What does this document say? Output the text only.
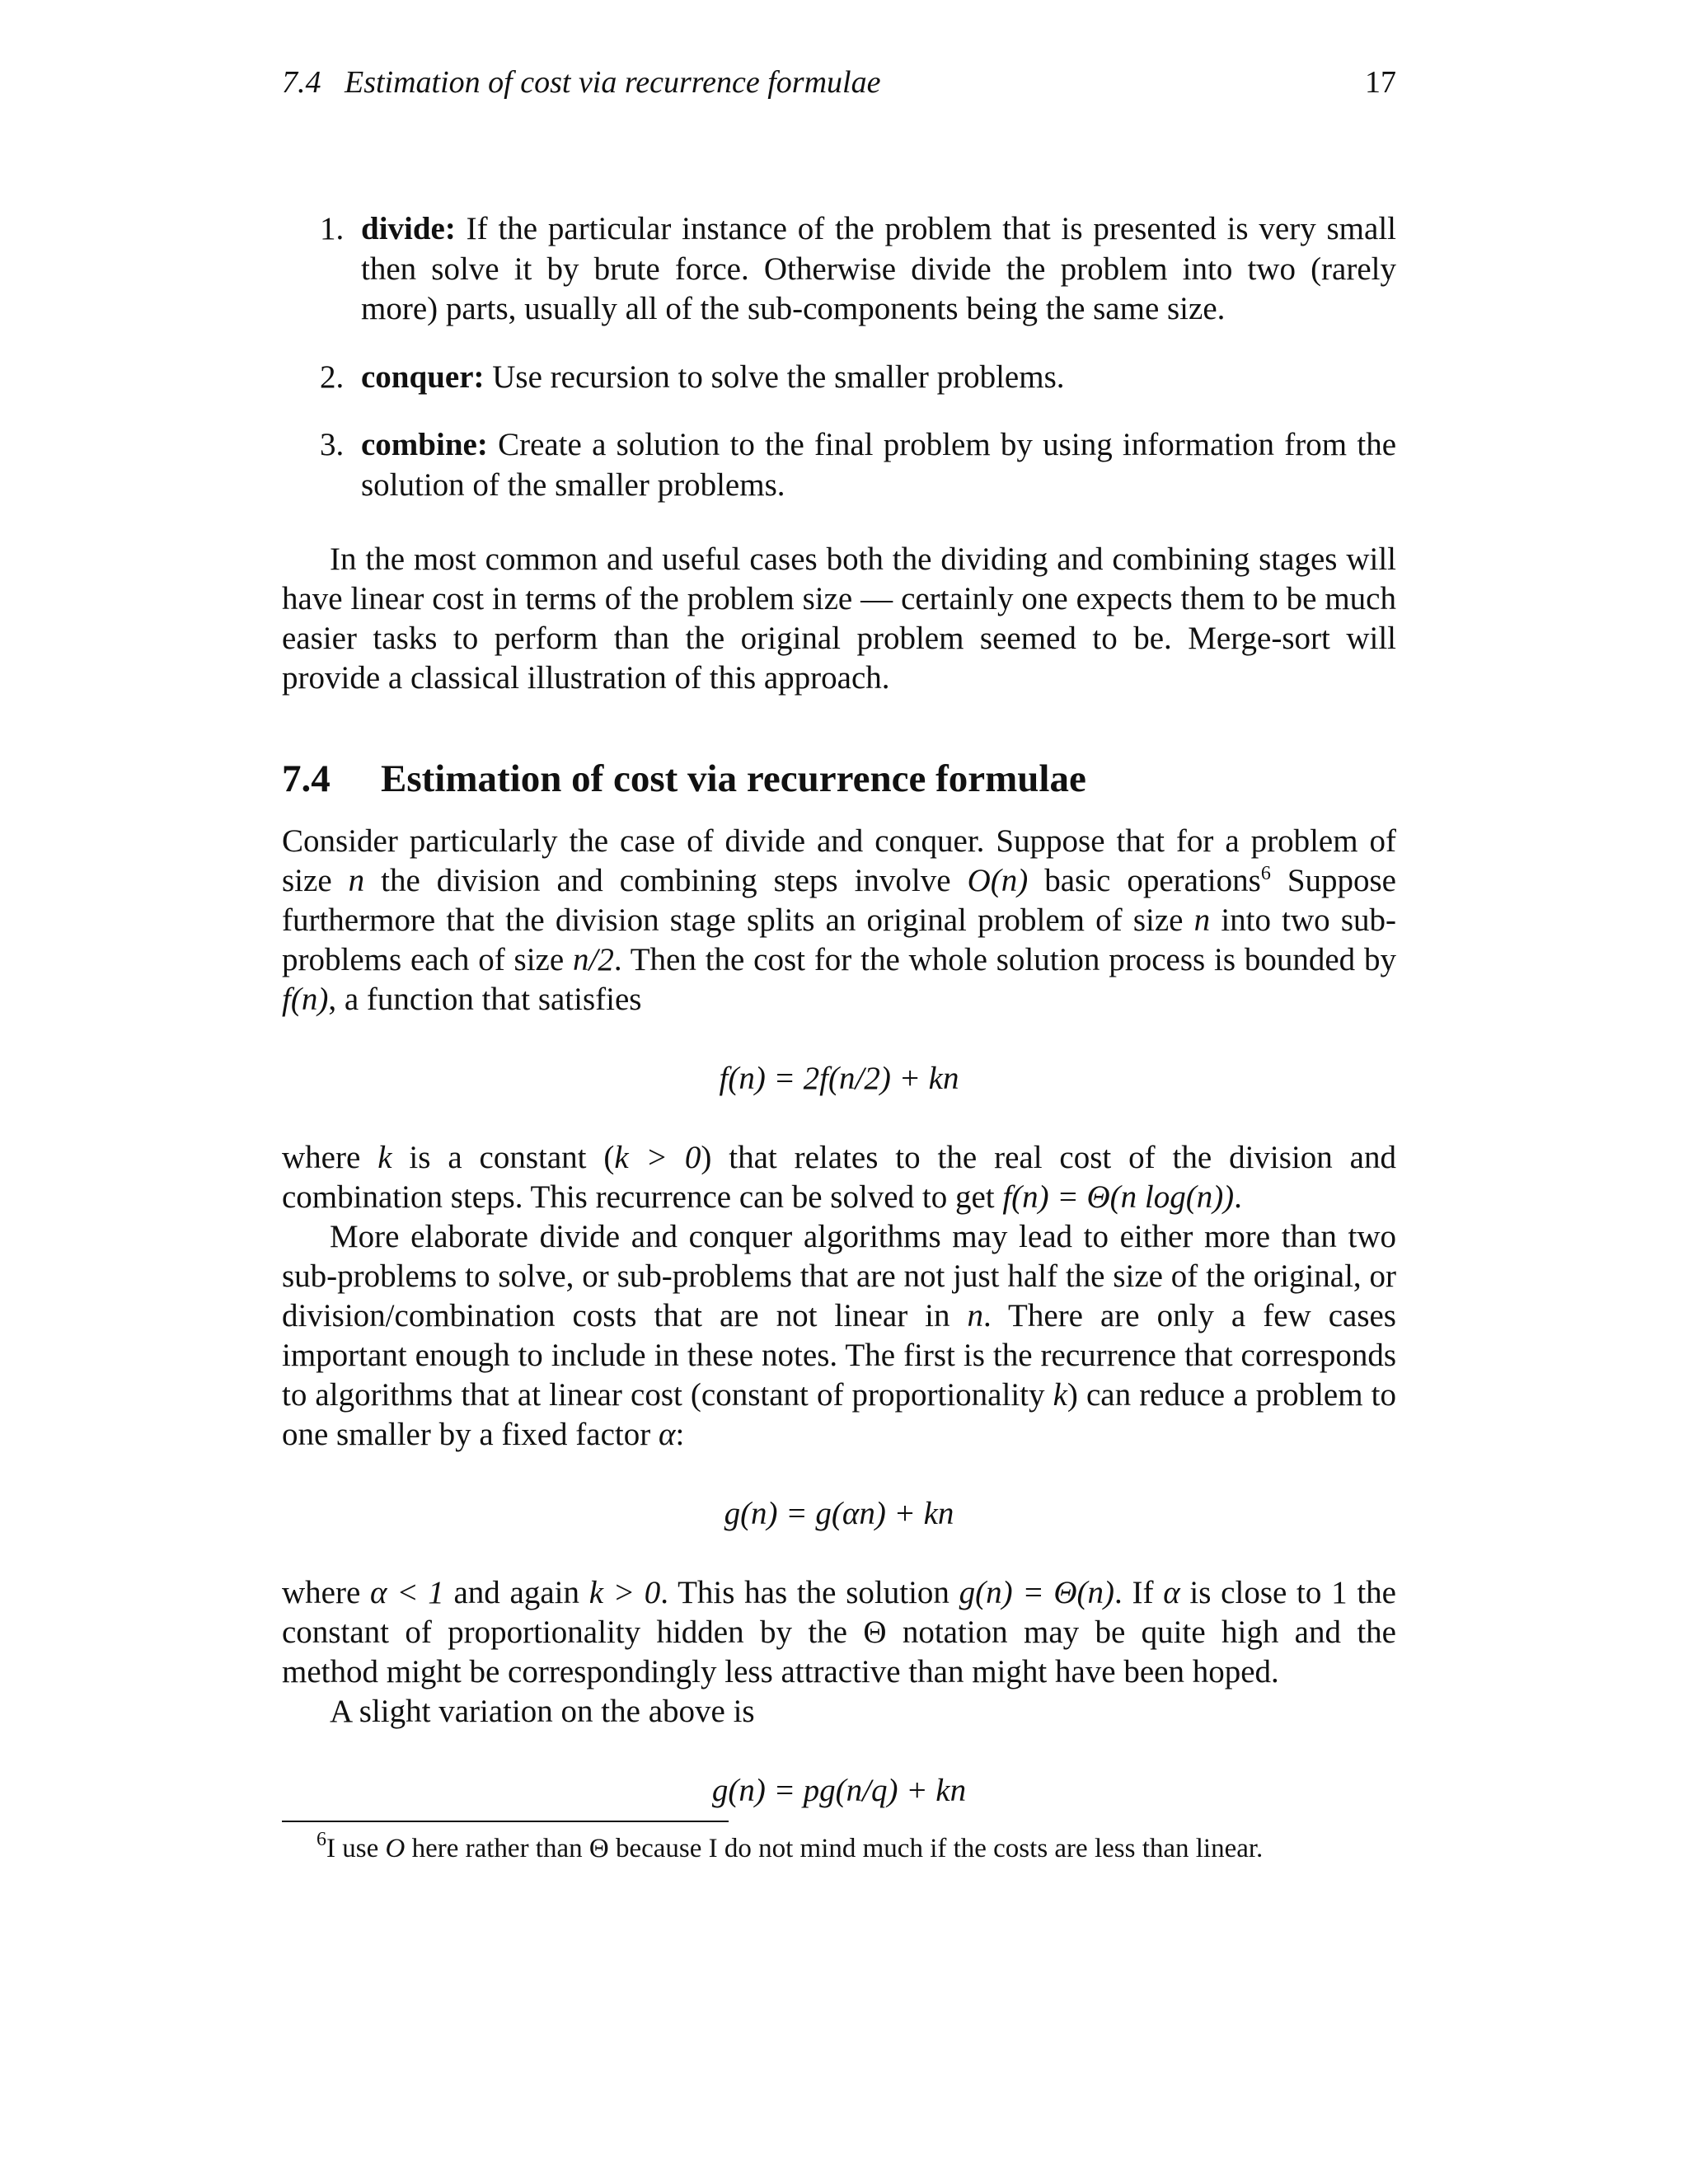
7.4   Estimation of cost via recurrence formulae	17
1. divide: If the particular instance of the problem that is presented is very small then solve it by brute force. Otherwise divide the problem into two (rarely more) parts, usually all of the sub-components being the same size.
2. conquer: Use recursion to solve the smaller problems.
3. combine: Create a solution to the final problem by using information from the solution of the smaller problems.

In the most common and useful cases both the dividing and combining stages will have linear cost in terms of the problem size — certainly one expects them to be much easier tasks to perform than the original problem seemed to be. Merge-sort will provide a classical illustration of this approach.

7.4 Estimation of cost via recurrence formulae

Consider particularly the case of divide and conquer. Suppose that for a problem of size n the division and combining steps involve O(n) basic operations$^6$ Suppose furthermore that the division stage splits an original problem of size n into two sub-problems each of size n/2. Then the cost for the whole solution process is bounded by f(n), a function that satisfies

f(n) = 2f(n/2) + kn

where k is a constant (k > 0) that relates to the real cost of the division and combination steps. This recurrence can be solved to get f(n) = Θ(n log(n)).

More elaborate divide and conquer algorithms may lead to either more than two sub-problems to solve, or sub-problems that are not just half the size of the original, or division/combination costs that are not linear in n. There are only a few cases important enough to include in these notes. The first is the recurrence that corresponds to algorithms that at linear cost (constant of proportionality k) can reduce a problem to one smaller by a fixed factor α:

g(n) = g(αn) + kn

where α < 1 and again k > 0. This has the solution g(n) = Θ(n). If α is close to 1 the constant of proportionality hidden by the Θ notation may be quite high and the method might be correspondingly less attractive than might have been hoped.

A slight variation on the above is

g(n) = pg(n/q) + kn
$^6$I use O here rather than Θ because I do not mind much if the costs are less than linear.
